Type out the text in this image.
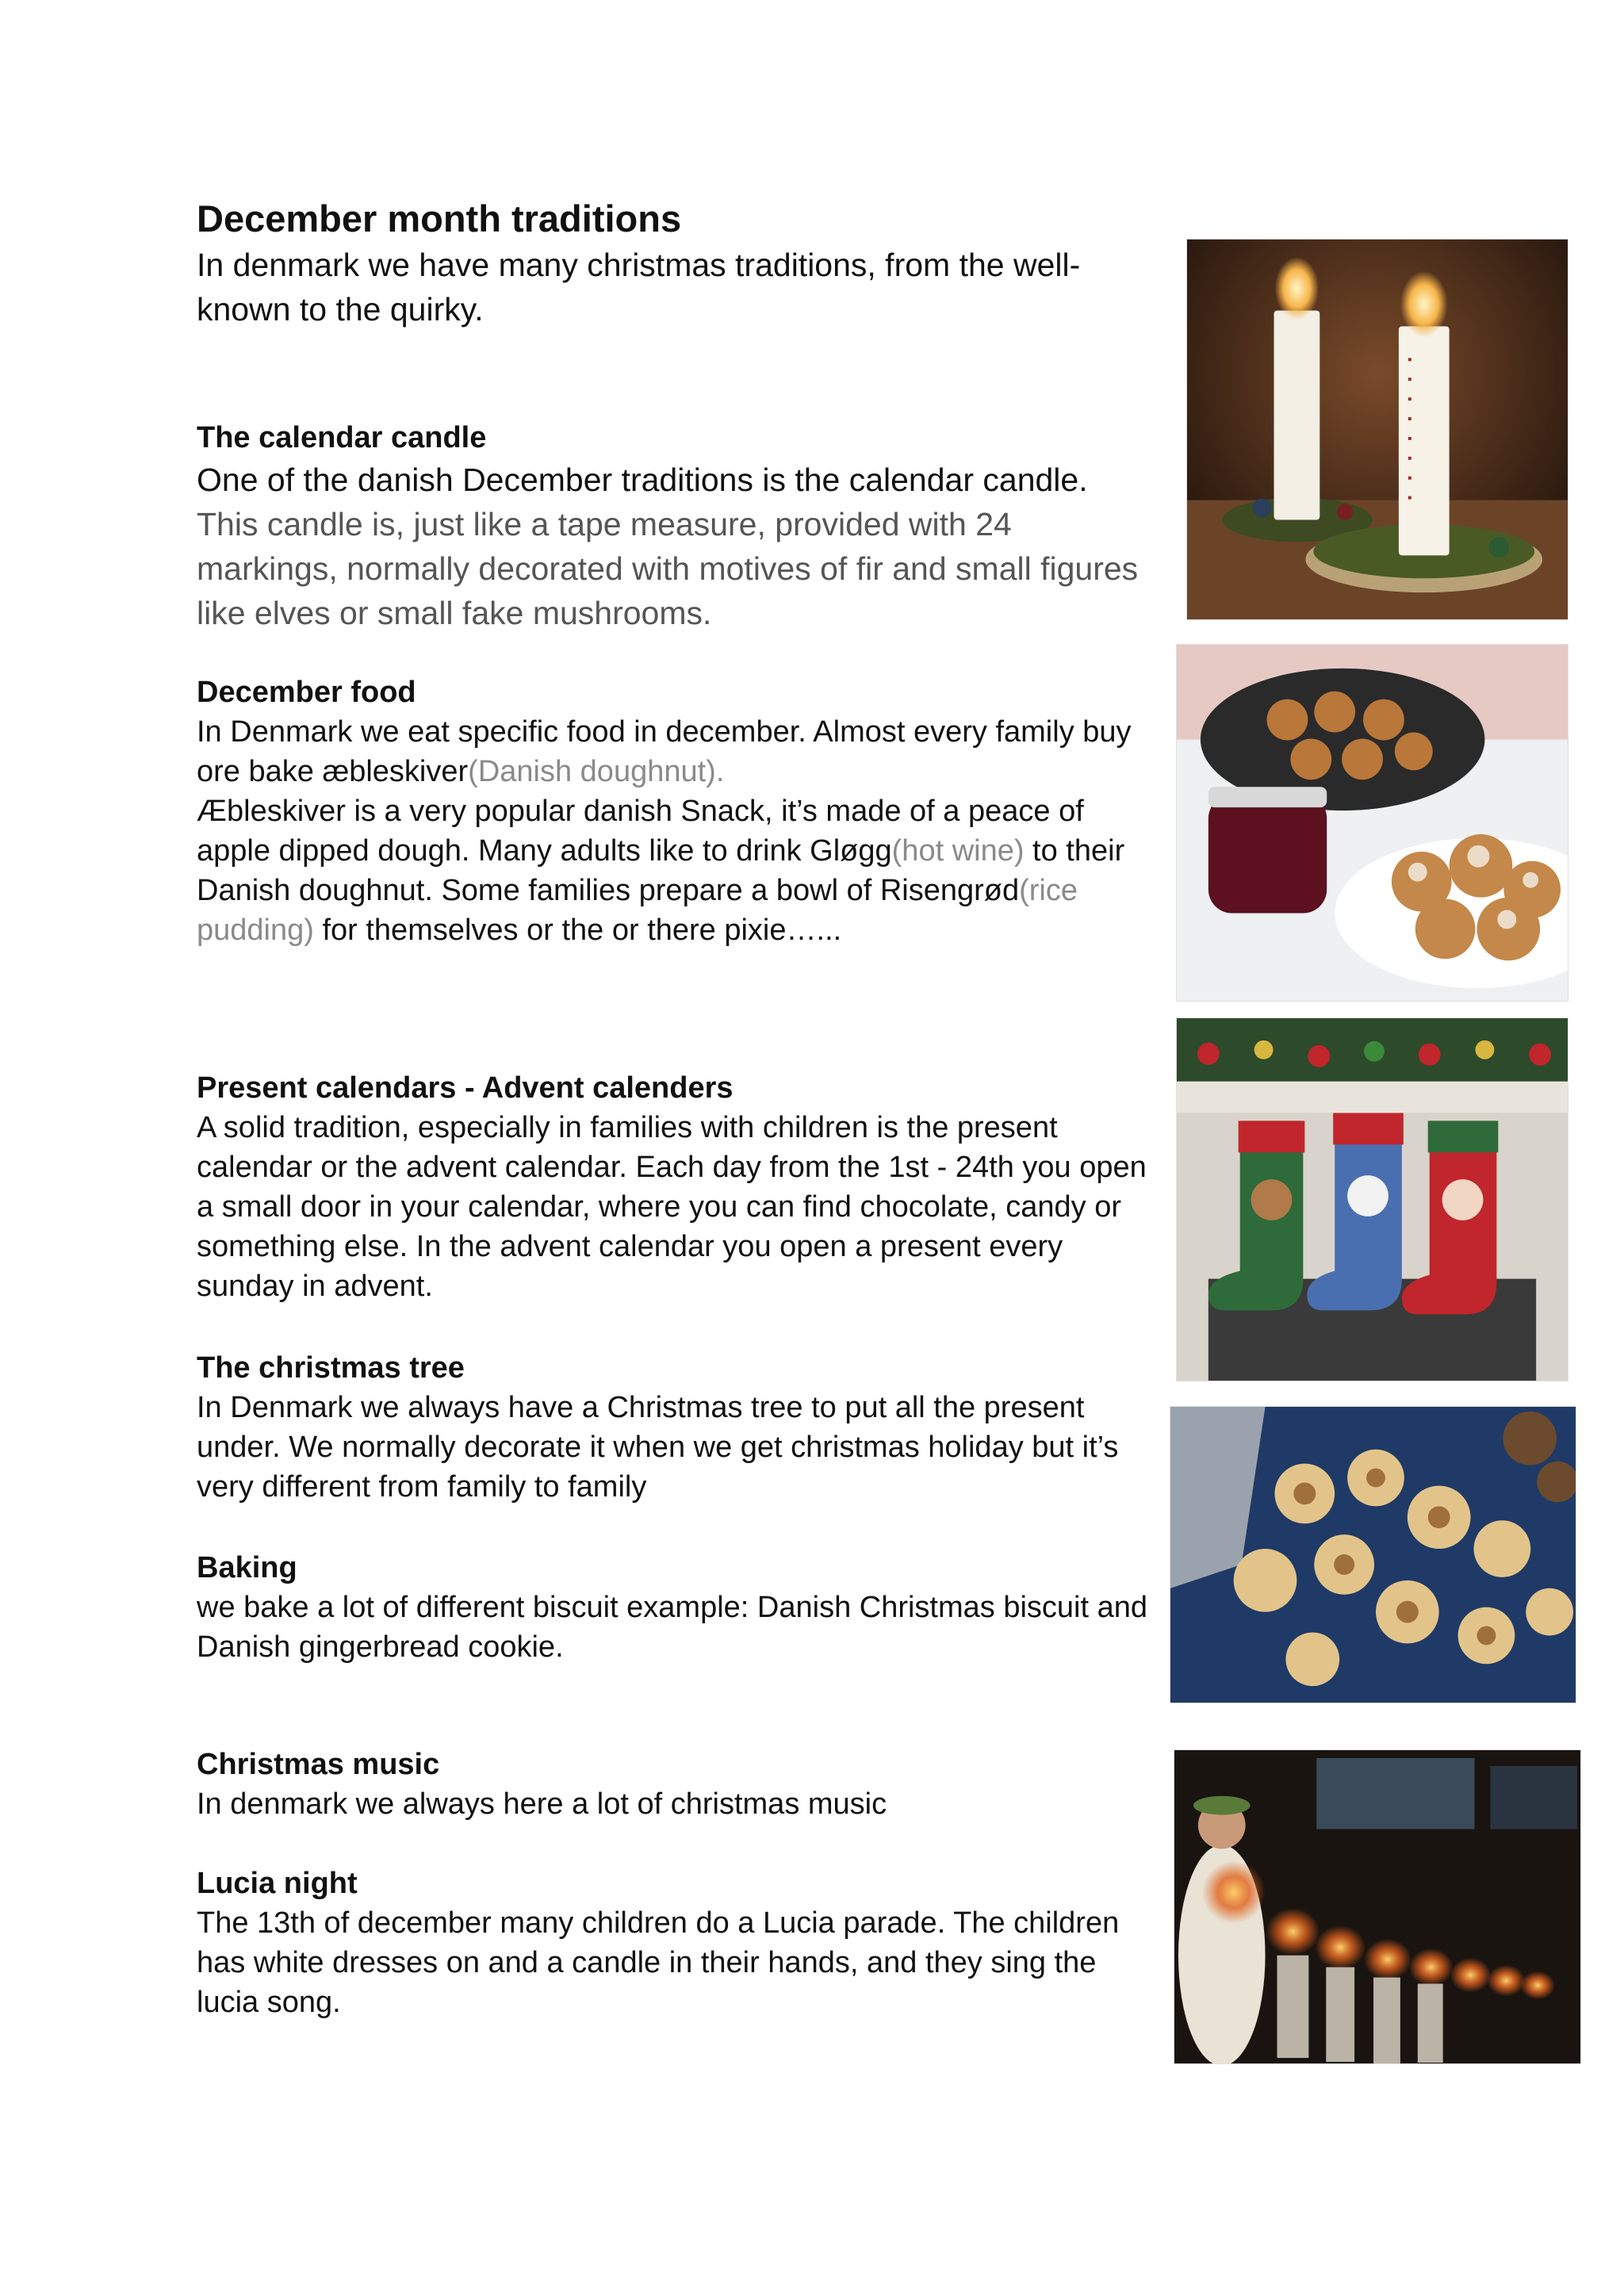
December month traditions

In denmark we have many christmas traditions, from the well-known to the quirky.

The calendar candle

One of the danish December traditions is the calendar candle. This candle is, just like a tape measure, provided with 24 markings, normally decorated with motives of fir and small figures like elves or small fake mushrooms.

December food

In Denmark we eat specific food in december. Almost every family buy ore bake æbleskiver(Danish doughnut).

Æbleskiver is a very popular danish Snack, it’s made of a peace of apple dipped dough. Many adults like to drink Gløgg(hot wine) to their Danish doughnut. Some families prepare a bowl of Risengrød(rice pudding) for themselves or the or there pixie…...

Present calendars - Advent calenders

A solid tradition, especially in families with children is the present calendar or the advent calendar. Each day from the 1st - 24th you open a small door in your calendar, where you can find chocolate, candy or something else. In the advent calendar you open a present every sunday in advent.

The christmas tree

In Denmark we always have a Christmas tree to put all the present under. We normally decorate it when we get christmas holiday but it’s very different from family to family

Baking

we bake a lot of different biscuit example: Danish Christmas biscuit and Danish gingerbread cookie.

Christmas music

In denmark we always here a lot of christmas music

Lucia night

The 13th of december many children do a Lucia parade. The children has white dresses on and a candle in their hands, and they sing the lucia song.
